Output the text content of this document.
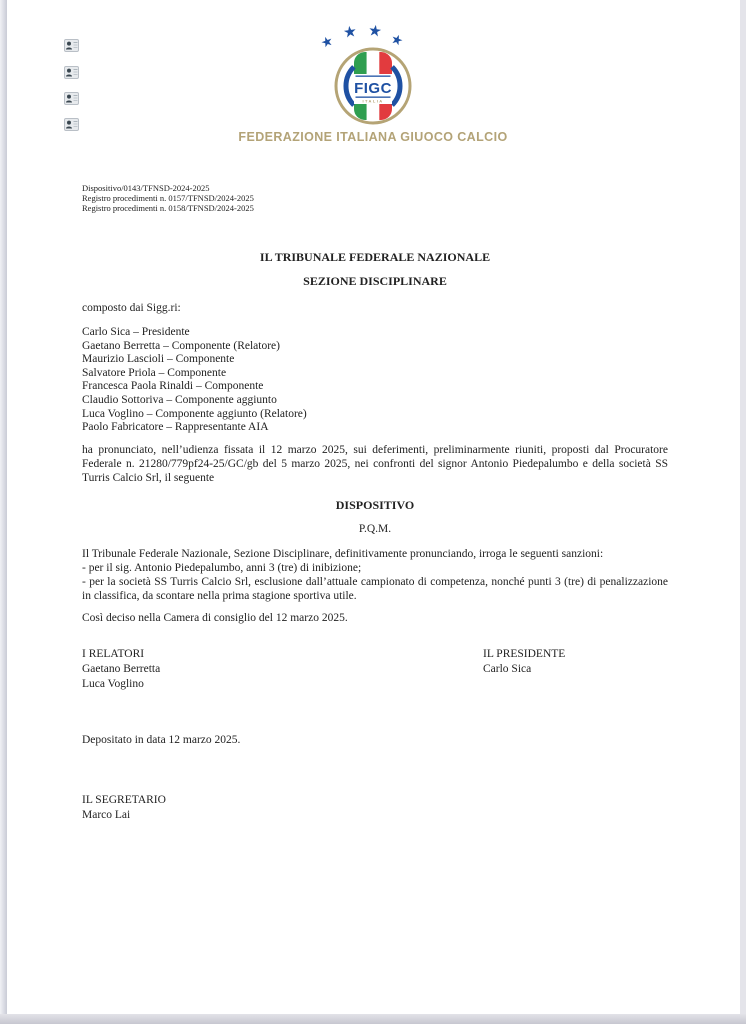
FIGC
ITALIA
FEDERAZIONE ITALIANA GIUOCO CALCIO
Dispositivo/0143/TFNSD-2024-2025
Registro procedimenti n. 0157/TFNSD/2024-2025
Registro procedimenti n. 0158/TFNSD/2024-2025
IL TRIBUNALE FEDERALE NAZIONALE
SEZIONE DISCIPLINARE
composto dai Sigg.ri:
Carlo Sica – Presidente
Gaetano Berretta – Componente (Relatore)
Maurizio Lascioli – Componente
Salvatore Priola – Componente
Francesca Paola Rinaldi – Componente
Claudio Sottoriva – Componente aggiunto
Luca Voglino – Componente aggiunto (Relatore)
Paolo Fabricatore – Rappresentante AIA
ha pronunciato, nell’udienza fissata il 12 marzo 2025, sui deferimenti, preliminarmente riuniti, proposti dal Procuratore Federale n. 21280/779pf24-25/GC/gb del 5 marzo 2025, nei confronti del signor Antonio Piedepalumbo e della società SS Turris Calcio Srl, il seguente
DISPOSITIVO
P.Q.M.
Il Tribunale Federale Nazionale, Sezione Disciplinare, definitivamente pronunciando, irroga le seguenti sanzioni:
- per il sig. Antonio Piedepalumbo, anni 3 (tre) di inibizione;
- per la società SS Turris Calcio Srl, esclusione dall’attuale campionato di competenza, nonché punti 3 (tre) di penalizzazione in classifica, da scontare nella prima stagione sportiva utile.
Così deciso nella Camera di consiglio del 12 marzo 2025.
I RELATORI
Gaetano Berretta
Luca Voglino
IL PRESIDENTE
Carlo Sica
Depositato in data 12 marzo 2025.
IL SEGRETARIO
Marco Lai
